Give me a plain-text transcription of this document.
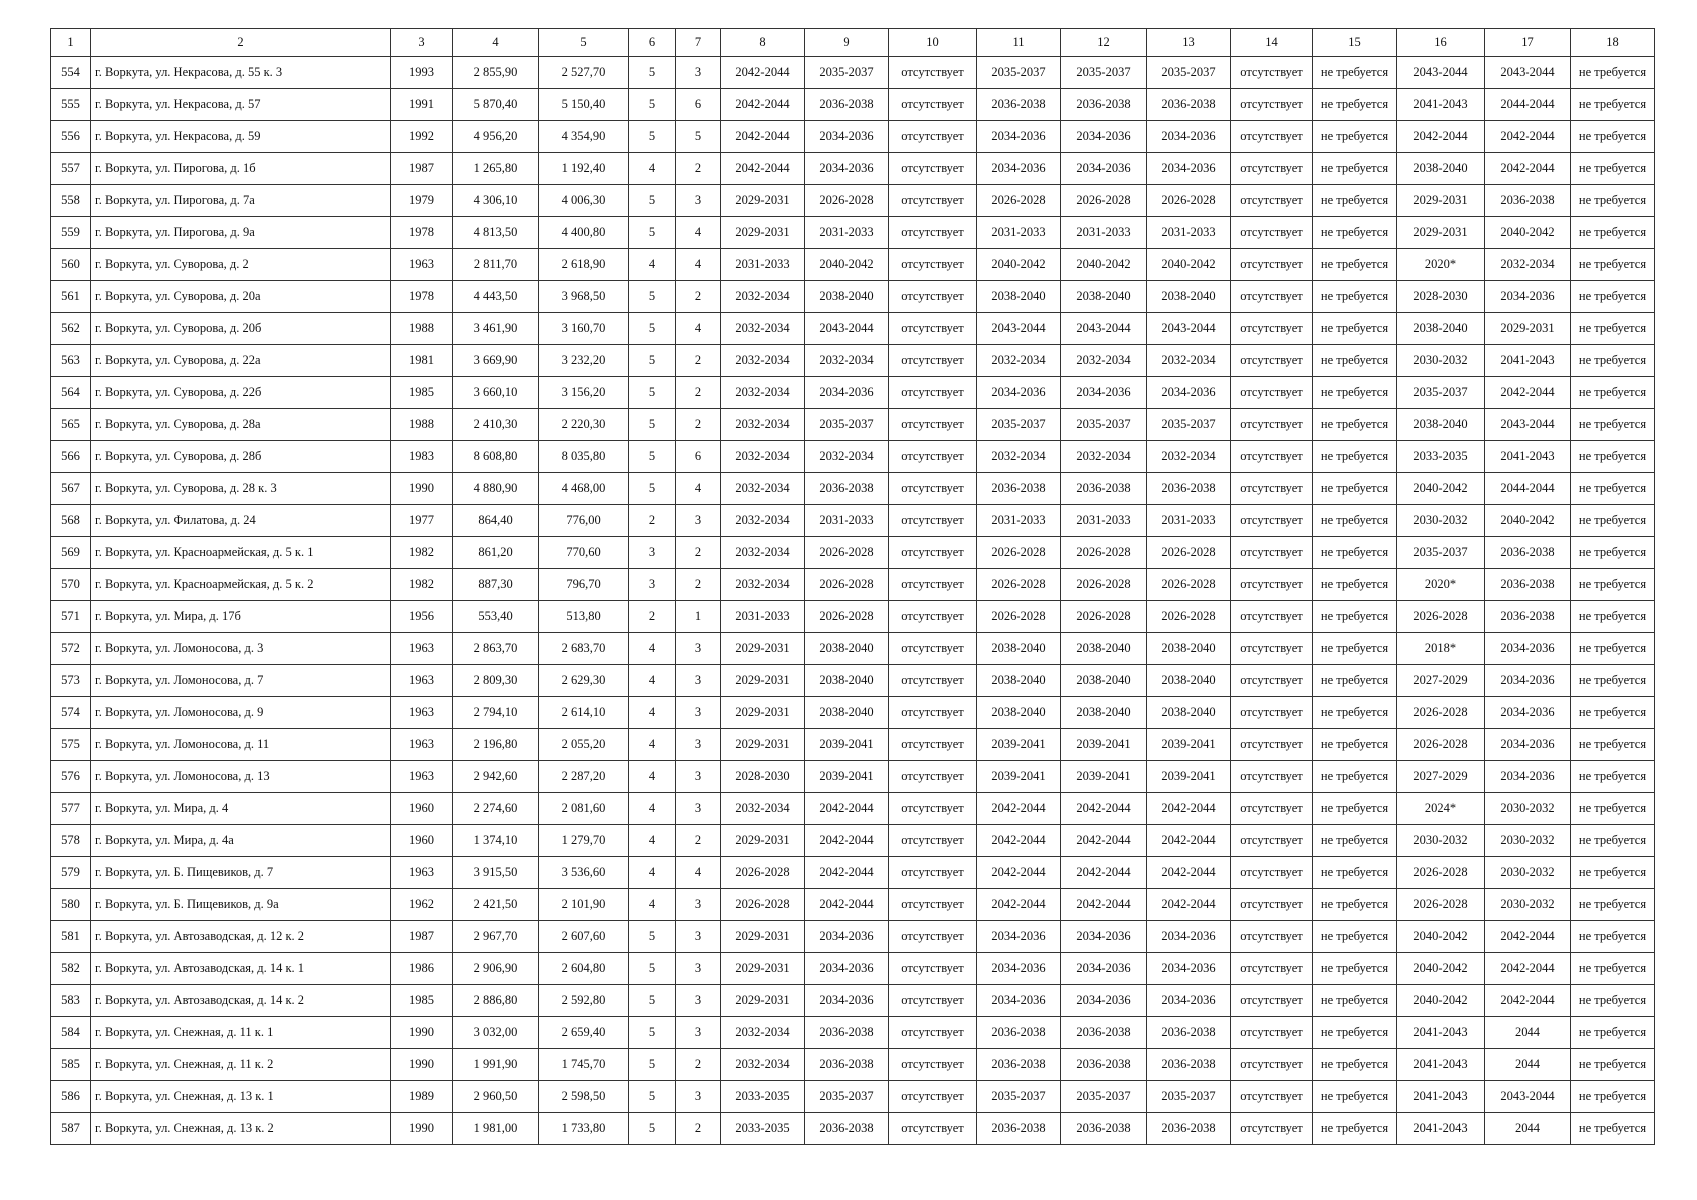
1	2	3	4	5	6	7	8	9	10	11	12	13	14	15	16	17	18
554	г. Воркута, ул. Некрасова, д. 55 к. 3	1993	2 855,90	2 527,70	5	3	2042-2044	2035-2037	отсутствует	2035-2037	2035-2037	2035-2037	отсутствует	не требуется	2043-2044	2043-2044	не требуется
555	г. Воркута, ул. Некрасова, д. 57	1991	5 870,40	5 150,40	5	6	2042-2044	2036-2038	отсутствует	2036-2038	2036-2038	2036-2038	отсутствует	не требуется	2041-2043	2044-2044	не требуется
556	г. Воркута, ул. Некрасова, д. 59	1992	4 956,20	4 354,90	5	5	2042-2044	2034-2036	отсутствует	2034-2036	2034-2036	2034-2036	отсутствует	не требуется	2042-2044	2042-2044	не требуется
557	г. Воркута, ул. Пирогова, д. 1б	1987	1 265,80	1 192,40	4	2	2042-2044	2034-2036	отсутствует	2034-2036	2034-2036	2034-2036	отсутствует	не требуется	2038-2040	2042-2044	не требуется
558	г. Воркута, ул. Пирогова, д. 7а	1979	4 306,10	4 006,30	5	3	2029-2031	2026-2028	отсутствует	2026-2028	2026-2028	2026-2028	отсутствует	не требуется	2029-2031	2036-2038	не требуется
559	г. Воркута, ул. Пирогова, д. 9а	1978	4 813,50	4 400,80	5	4	2029-2031	2031-2033	отсутствует	2031-2033	2031-2033	2031-2033	отсутствует	не требуется	2029-2031	2040-2042	не требуется
560	г. Воркута, ул. Суворова, д. 2	1963	2 811,70	2 618,90	4	4	2031-2033	2040-2042	отсутствует	2040-2042	2040-2042	2040-2042	отсутствует	не требуется	2020*	2032-2034	не требуется
561	г. Воркута, ул. Суворова, д. 20а	1978	4 443,50	3 968,50	5	2	2032-2034	2038-2040	отсутствует	2038-2040	2038-2040	2038-2040	отсутствует	не требуется	2028-2030	2034-2036	не требуется
562	г. Воркута, ул. Суворова, д. 20б	1988	3 461,90	3 160,70	5	4	2032-2034	2043-2044	отсутствует	2043-2044	2043-2044	2043-2044	отсутствует	не требуется	2038-2040	2029-2031	не требуется
563	г. Воркута, ул. Суворова, д. 22а	1981	3 669,90	3 232,20	5	2	2032-2034	2032-2034	отсутствует	2032-2034	2032-2034	2032-2034	отсутствует	не требуется	2030-2032	2041-2043	не требуется
564	г. Воркута, ул. Суворова, д. 22б	1985	3 660,10	3 156,20	5	2	2032-2034	2034-2036	отсутствует	2034-2036	2034-2036	2034-2036	отсутствует	не требуется	2035-2037	2042-2044	не требуется
565	г. Воркута, ул. Суворова, д. 28а	1988	2 410,30	2 220,30	5	2	2032-2034	2035-2037	отсутствует	2035-2037	2035-2037	2035-2037	отсутствует	не требуется	2038-2040	2043-2044	не требуется
566	г. Воркута, ул. Суворова, д. 28б	1983	8 608,80	8 035,80	5	6	2032-2034	2032-2034	отсутствует	2032-2034	2032-2034	2032-2034	отсутствует	не требуется	2033-2035	2041-2043	не требуется
567	г. Воркута, ул. Суворова, д. 28 к. 3	1990	4 880,90	4 468,00	5	4	2032-2034	2036-2038	отсутствует	2036-2038	2036-2038	2036-2038	отсутствует	не требуется	2040-2042	2044-2044	не требуется
568	г. Воркута, ул. Филатова, д. 24	1977	864,40	776,00	2	3	2032-2034	2031-2033	отсутствует	2031-2033	2031-2033	2031-2033	отсутствует	не требуется	2030-2032	2040-2042	не требуется
569	г. Воркута, ул. Красноармейская, д. 5 к. 1	1982	861,20	770,60	3	2	2032-2034	2026-2028	отсутствует	2026-2028	2026-2028	2026-2028	отсутствует	не требуется	2035-2037	2036-2038	не требуется
570	г. Воркута, ул. Красноармейская, д. 5 к. 2	1982	887,30	796,70	3	2	2032-2034	2026-2028	отсутствует	2026-2028	2026-2028	2026-2028	отсутствует	не требуется	2020*	2036-2038	не требуется
571	г. Воркута, ул. Мира, д. 17б	1956	553,40	513,80	2	1	2031-2033	2026-2028	отсутствует	2026-2028	2026-2028	2026-2028	отсутствует	не требуется	2026-2028	2036-2038	не требуется
572	г. Воркута, ул. Ломоносова, д. 3	1963	2 863,70	2 683,70	4	3	2029-2031	2038-2040	отсутствует	2038-2040	2038-2040	2038-2040	отсутствует	не требуется	2018*	2034-2036	не требуется
573	г. Воркута, ул. Ломоносова, д. 7	1963	2 809,30	2 629,30	4	3	2029-2031	2038-2040	отсутствует	2038-2040	2038-2040	2038-2040	отсутствует	не требуется	2027-2029	2034-2036	не требуется
574	г. Воркута, ул. Ломоносова, д. 9	1963	2 794,10	2 614,10	4	3	2029-2031	2038-2040	отсутствует	2038-2040	2038-2040	2038-2040	отсутствует	не требуется	2026-2028	2034-2036	не требуется
575	г. Воркута, ул. Ломоносова, д. 11	1963	2 196,80	2 055,20	4	3	2029-2031	2039-2041	отсутствует	2039-2041	2039-2041	2039-2041	отсутствует	не требуется	2026-2028	2034-2036	не требуется
576	г. Воркута, ул. Ломоносова, д. 13	1963	2 942,60	2 287,20	4	3	2028-2030	2039-2041	отсутствует	2039-2041	2039-2041	2039-2041	отсутствует	не требуется	2027-2029	2034-2036	не требуется
577	г. Воркута, ул. Мира, д. 4	1960	2 274,60	2 081,60	4	3	2032-2034	2042-2044	отсутствует	2042-2044	2042-2044	2042-2044	отсутствует	не требуется	2024*	2030-2032	не требуется
578	г. Воркута, ул. Мира, д. 4а	1960	1 374,10	1 279,70	4	2	2029-2031	2042-2044	отсутствует	2042-2044	2042-2044	2042-2044	отсутствует	не требуется	2030-2032	2030-2032	не требуется
579	г. Воркута, ул. Б. Пищевиков, д. 7	1963	3 915,50	3 536,60	4	4	2026-2028	2042-2044	отсутствует	2042-2044	2042-2044	2042-2044	отсутствует	не требуется	2026-2028	2030-2032	не требуется
580	г. Воркута, ул. Б. Пищевиков, д. 9а	1962	2 421,50	2 101,90	4	3	2026-2028	2042-2044	отсутствует	2042-2044	2042-2044	2042-2044	отсутствует	не требуется	2026-2028	2030-2032	не требуется
581	г. Воркута, ул. Автозаводская, д. 12 к. 2	1987	2 967,70	2 607,60	5	3	2029-2031	2034-2036	отсутствует	2034-2036	2034-2036	2034-2036	отсутствует	не требуется	2040-2042	2042-2044	не требуется
582	г. Воркута, ул. Автозаводская, д. 14 к. 1	1986	2 906,90	2 604,80	5	3	2029-2031	2034-2036	отсутствует	2034-2036	2034-2036	2034-2036	отсутствует	не требуется	2040-2042	2042-2044	не требуется
583	г. Воркута, ул. Автозаводская, д. 14 к. 2	1985	2 886,80	2 592,80	5	3	2029-2031	2034-2036	отсутствует	2034-2036	2034-2036	2034-2036	отсутствует	не требуется	2040-2042	2042-2044	не требуется
584	г. Воркута, ул. Снежная, д. 11 к. 1	1990	3 032,00	2 659,40	5	3	2032-2034	2036-2038	отсутствует	2036-2038	2036-2038	2036-2038	отсутствует	не требуется	2041-2043	2044	не требуется
585	г. Воркута, ул. Снежная, д. 11 к. 2	1990	1 991,90	1 745,70	5	2	2032-2034	2036-2038	отсутствует	2036-2038	2036-2038	2036-2038	отсутствует	не требуется	2041-2043	2044	не требуется
586	г. Воркута, ул. Снежная, д. 13 к. 1	1989	2 960,50	2 598,50	5	3	2033-2035	2035-2037	отсутствует	2035-2037	2035-2037	2035-2037	отсутствует	не требуется	2041-2043	2043-2044	не требуется
587	г. Воркута, ул. Снежная, д. 13 к. 2	1990	1 981,00	1 733,80	5	2	2033-2035	2036-2038	отсутствует	2036-2038	2036-2038	2036-2038	отсутствует	не требуется	2041-2043	2044	не требуется
